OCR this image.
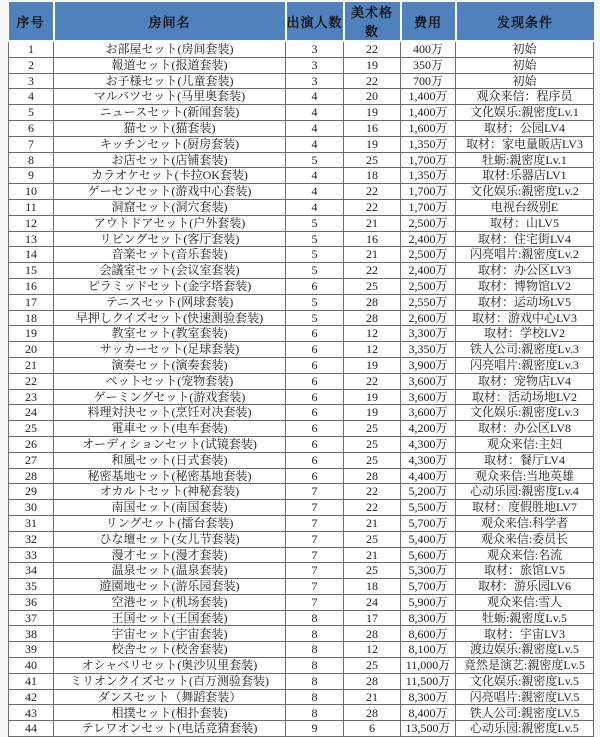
序号	房间名	出演人数	美术格数	费用	发现条件
1	お部屋セット(房间套装)	3	22	400万	初始
2	報道セット(报道套装)	3	19	350万	初始
3	お子様セット(儿童套装)	3	22	700万	初始
4	マルバツセット(马里奥套装)	4	20	1,400万	观众来信：程序员
5	ニュースセット(新闻套装)	4	19	1,400万	文化娱乐:親密度Lv.1
6	猫セット(猫套装)	4	16	1,600万	取材：公园LV4
7	キッチンセット(厨房套装)	4	19	1,350万	取材：家电量販店LV3
8	お店セット(店铺套装)	5	25	1,700万	牡蛎:親密度Lv.1
9	カラオケセット(卡拉OK套装)	4	18	1,350万	取材:乐器店LV1
10	ゲーセンセット(游戏中心套装)	4	22	1,700万	文化娱乐:親密度Lv.2
11	洞窟セット(洞穴套装)	4	22	1,700万	电视台级别E
12	アウトドアセット(户外套装)	5	21	2,500万	取材：山LV5
13	リビングセット(客厅套装)	5	16	2,400万	取材：住宅街LV4
14	音楽セット(音乐套装)	5	21	2,500万	闪亮唱片:親密度Lv.2
15	会議室セット(会议室套装)	5	22	2,400万	取材：办公区LV3
16	ピラミッドセット(金字塔套装)	6	25	2,500万	取材：博物馆LV2
17	テニスセット(网球套装)	5	28	2,550万	取材：运动场LV5
18	早押しクイズセット(快速测验套装)	5	28	2,600万	取材：游戏中心LV3
19	教室セット(教室套装)	6	12	3,300万	取材：学校LV2
20	サッカーセット(足球套装)	6	12	3,350万	铁人公司:親密度Lv.3
21	演奏セット(演奏套装)	6	19	3,900万	闪亮唱片:親密度Lv.3
22	ペットセット(宠物套装)	6	22	3,600万	取材：宠物店LV4
23	ゲーミングセット(游戏套装)	6	19	3,600万	取材：活动场地LV2
24	料理対決セット(烹饪对决套装)	6	19	3,600万	文化娱乐:親密度Lv.3
25	電車セット(电车套装)	6	25	4,200万	取材：办公区LV8
26	オーディションセット(试镜套装)	6	25	4,300万	观众来信:主妇
27	和風セット(日式套装)	6	25	4,300万	取材：餐厅LV4
28	秘密基地セット(秘密基地套装)	6	28	4,400万	观众来信:当地英雄
29	オカルトセット(神秘套装)	7	22	5,200万	心动乐园:親密度Lv.4
30	南国セット(南国套装)	7	22	5,500万	取材：度假胜地LV7
31	リングセット(擂台套装)	7	21	5,700万	观众来信:科学者
32	ひな壇セット(女儿节套装)	7	25	5,400万	观众来信:委员长
33	漫才セット(漫才套装)	7	21	5,600万	观众来信:名流
34	温泉セット(温泉套装)	7	25	5,300万	取材：旅馆LV5
35	遊園地セット(游乐园套装)	7	18	5,700万	取材：游乐园LV6
36	空港セット(机场套装)	7	24	5,900万	观众来信:雪人
37	王国セット(王国套装)	8	17	8,300万	牡蛎:親密度Lv.5
38	宇宙セット(宇宙套装)	8	28	8,600万	取材：宇宙LV3
39	校舎セット(校舍套装)	8	12	8,100万	渡边娱乐:親密度Lv.5
40	オシャベリセット(奥沙贝里套装)	8	25	11,000万	竟然是演艺:親密度Lv.5
41	ミリオンクイズセット(百万测验套装)	8	28	11,500万	文化娱乐:親密度Lv.5
42	ダンスセット（舞蹈套装）	8	21	8,300万	闪亮唱片:親密度LV.5
43	相撲セット(相扑套装)	8	28	8,400万	铁人公司:親密度LV.5
44	テレワオンセット(电话竞猜套装)	9	6	13,500万	心动乐园:親密度Lv.5
